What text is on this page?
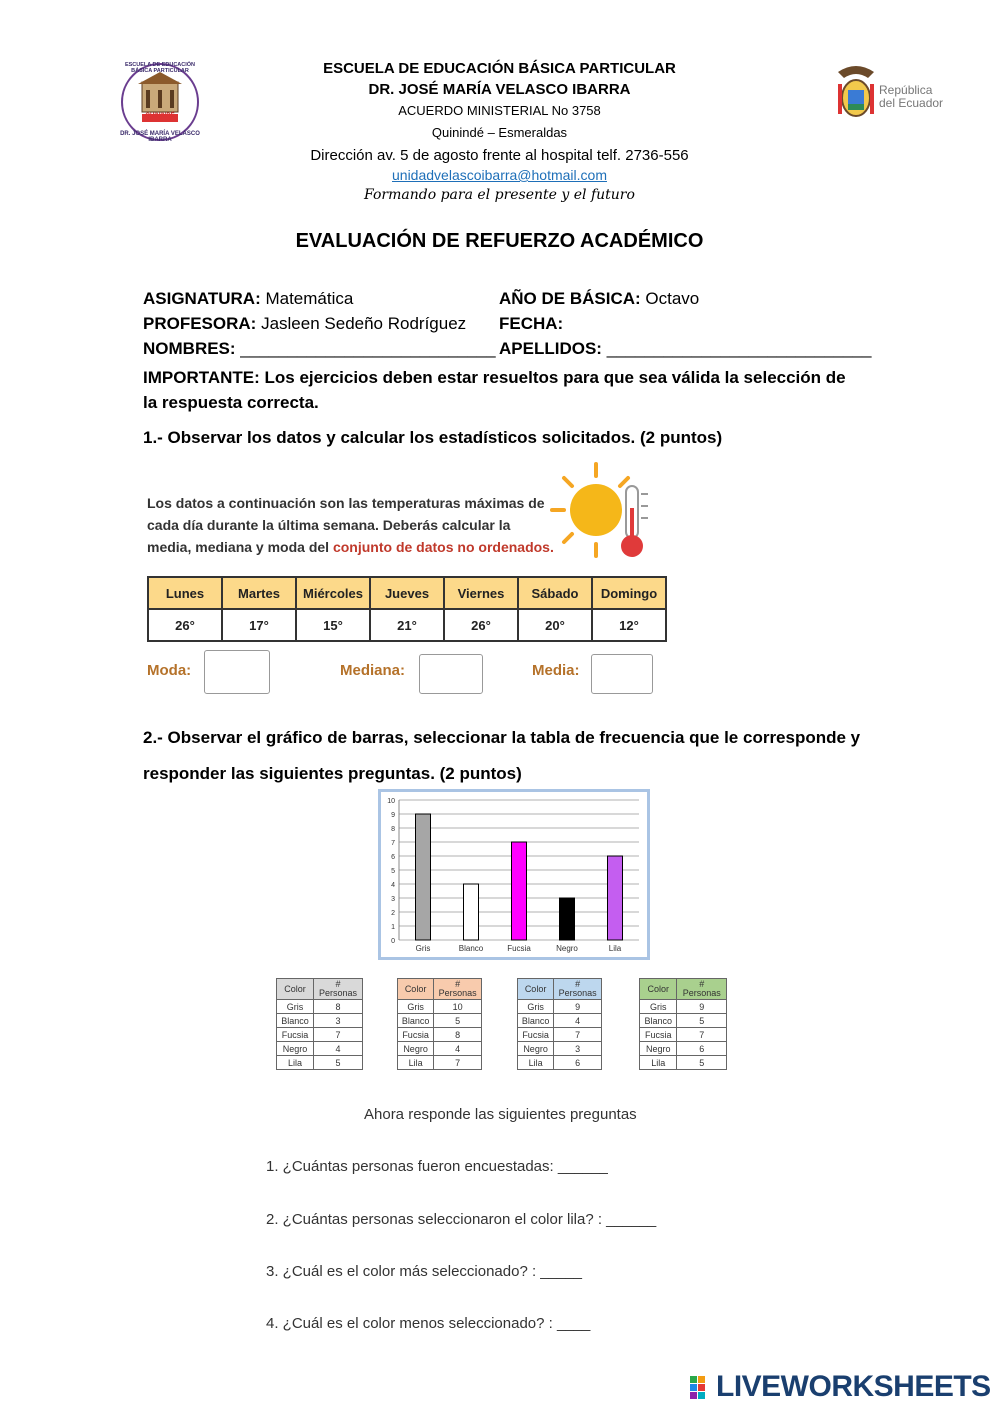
ESCUELA DE EDUCACIÓN
BÁSICA PARTICULAR
QUININDÉ
DR. JOSÉ MARÍA VELASCO IBARRA
República
del Ecuador
ESCUELA DE EDUCACIÓN BÁSICA PARTICULAR
DR. JOSÉ MARÍA VELASCO IBARRA
ACUERDO MINISTERIAL No 3758
Quinindé – Esmeraldas
Dirección av. 5 de agosto frente al hospital telf. 2736-556
unidadvelascoibarra@hotmail.com
Formando para el presente y el futuro
EVALUACIÓN DE REFUERZO ACADÉMICO
ASIGNATURA: Matemática	AÑO DE BÁSICA: Octavo
PROFESORA: Jasleen Sedeño Rodríguez FECHA:
NOMBRES: ___________________________ APELLIDOS: ____________________________
IMPORTANTE: Los ejercicios deben estar resueltos para que sea válida la selección de la respuesta correcta.
1.- Observar los datos y calcular los estadísticos solicitados. (2 puntos)
Los datos a continuación son las temperaturas máximas de
cada día durante la última semana. Deberás calcular la
media, mediana y moda del conjunto de datos no ordenados.
Lunes	Martes	Miércoles	Jueves	Viernes	Sábado	Domingo
26°	17°	15°	21°	26°	20°	12°
Moda:	Mediana:	Media:
2.- Observar el gráfico de barras, seleccionar la tabla de frecuencia que le corresponde y
responder las siguientes preguntas. (2 puntos)
0
1
2
3
4
5
6
7
8
9
10
Gris	Blanco	Fucsia	Negro	Lila
Color	#
Personas
Gris	8
Blanco	3
Fucsia	7
Negro	4
Lila	5
Color	#
Personas
Gris	10
Blanco	5
Fucsia	8
Negro	4
Lila	7
Color	#
Personas
Gris	9
Blanco	4
Fucsia	7
Negro	3
Lila	6
Color	#
Personas
Gris	9
Blanco	5
Fucsia	7
Negro	6
Lila	5
Ahora responde las siguientes preguntas
1. ¿Cuántas personas fueron encuestadas: ______
2. ¿Cuántas personas seleccionaron el color lila? : ______
3. ¿Cuál es el color más seleccionado? : _____
4. ¿Cuál es el color menos seleccionado? : ____
LIVEWORKSHEETS
